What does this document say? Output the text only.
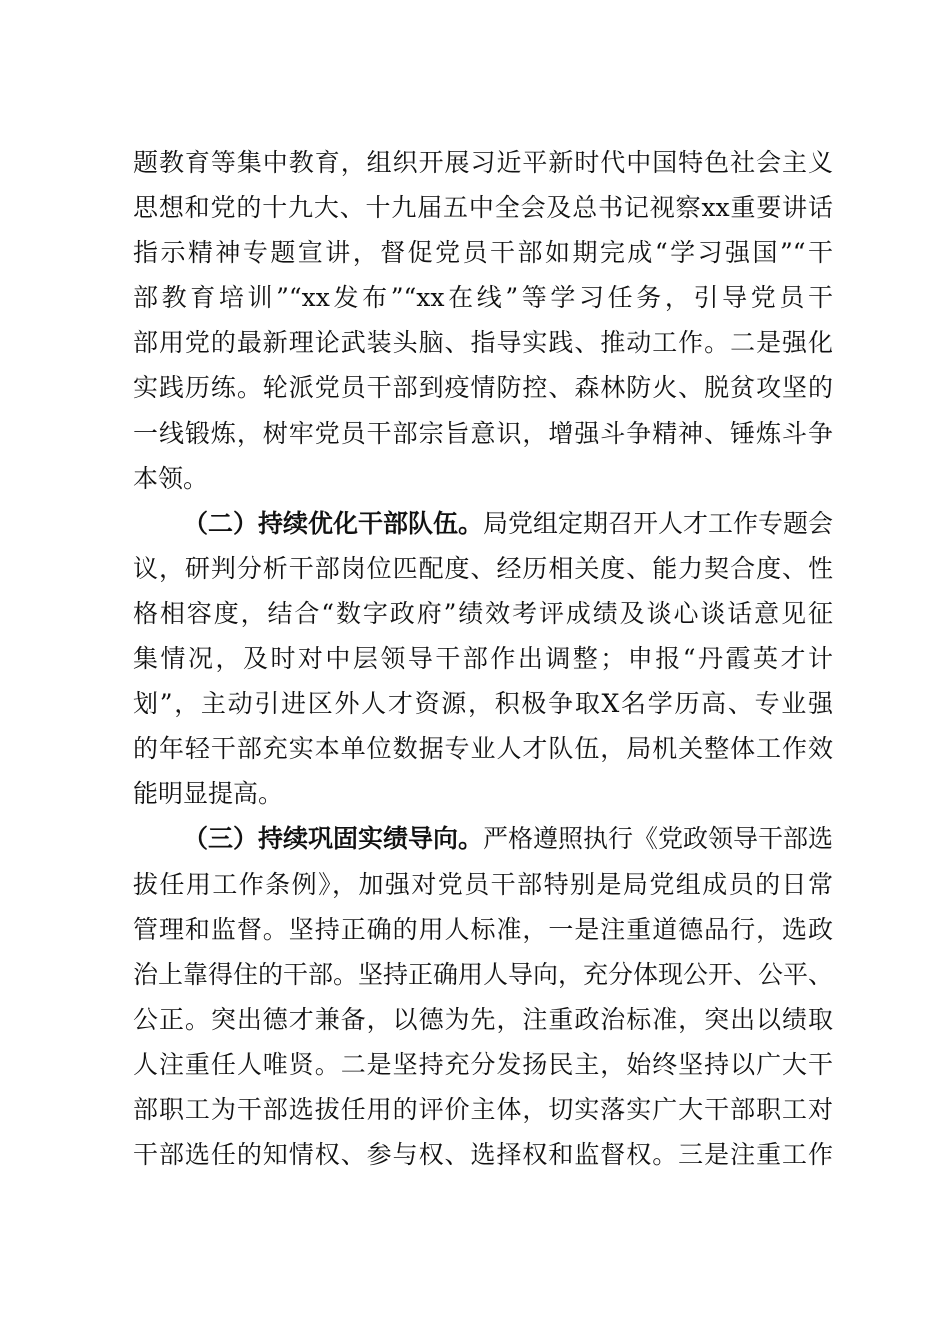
题教育等集中教育，组织开展习近平新时代中国特色社会主义
思想和党的十九大、十九届五中全会及总书记视察xx重要讲话
指示精神专题宣讲，督促党员干部如期完成“学习强国”“干
部教育培训”“xx发布”“xx在线”等学习任务，引导党员干
部用党的最新理论武装头脑、指导实践、推动工作。二是强化
实践历练。轮派党员干部到疫情防控、森林防火、脱贫攻坚的
一线锻炼，树牢党员干部宗旨意识，增强斗争精神、锤炼斗争
本领。
（二）持续优化干部队伍。局党组定期召开人才工作专题会
议，研判分析干部岗位匹配度、经历相关度、能力契合度、性
格相容度，结合“数字政府”绩效考评成绩及谈心谈话意见征
集情况，及时对中层领导干部作出调整；申报“丹霞英才计
划”，主动引进区外人才资源，积极争取X名学历高、专业强
的年轻干部充实本单位数据专业人才队伍，局机关整体工作效
能明显提高。
（三）持续巩固实绩导向。严格遵照执行《党政领导干部选
拔任用工作条例》，加强对党员干部特别是局党组成员的日常
管理和监督。坚持正确的用人标准，一是注重道德品行，选政
治上靠得住的干部。坚持正确用人导向，充分体现公开、公平、
公正。突出德才兼备，以德为先，注重政治标准，突出以绩取
人注重任人唯贤。二是坚持充分发扬民主，始终坚持以广大干
部职工为干部选拔任用的评价主体，切实落实广大干部职工对
干部选任的知情权、参与权、选择权和监督权。三是注重工作
